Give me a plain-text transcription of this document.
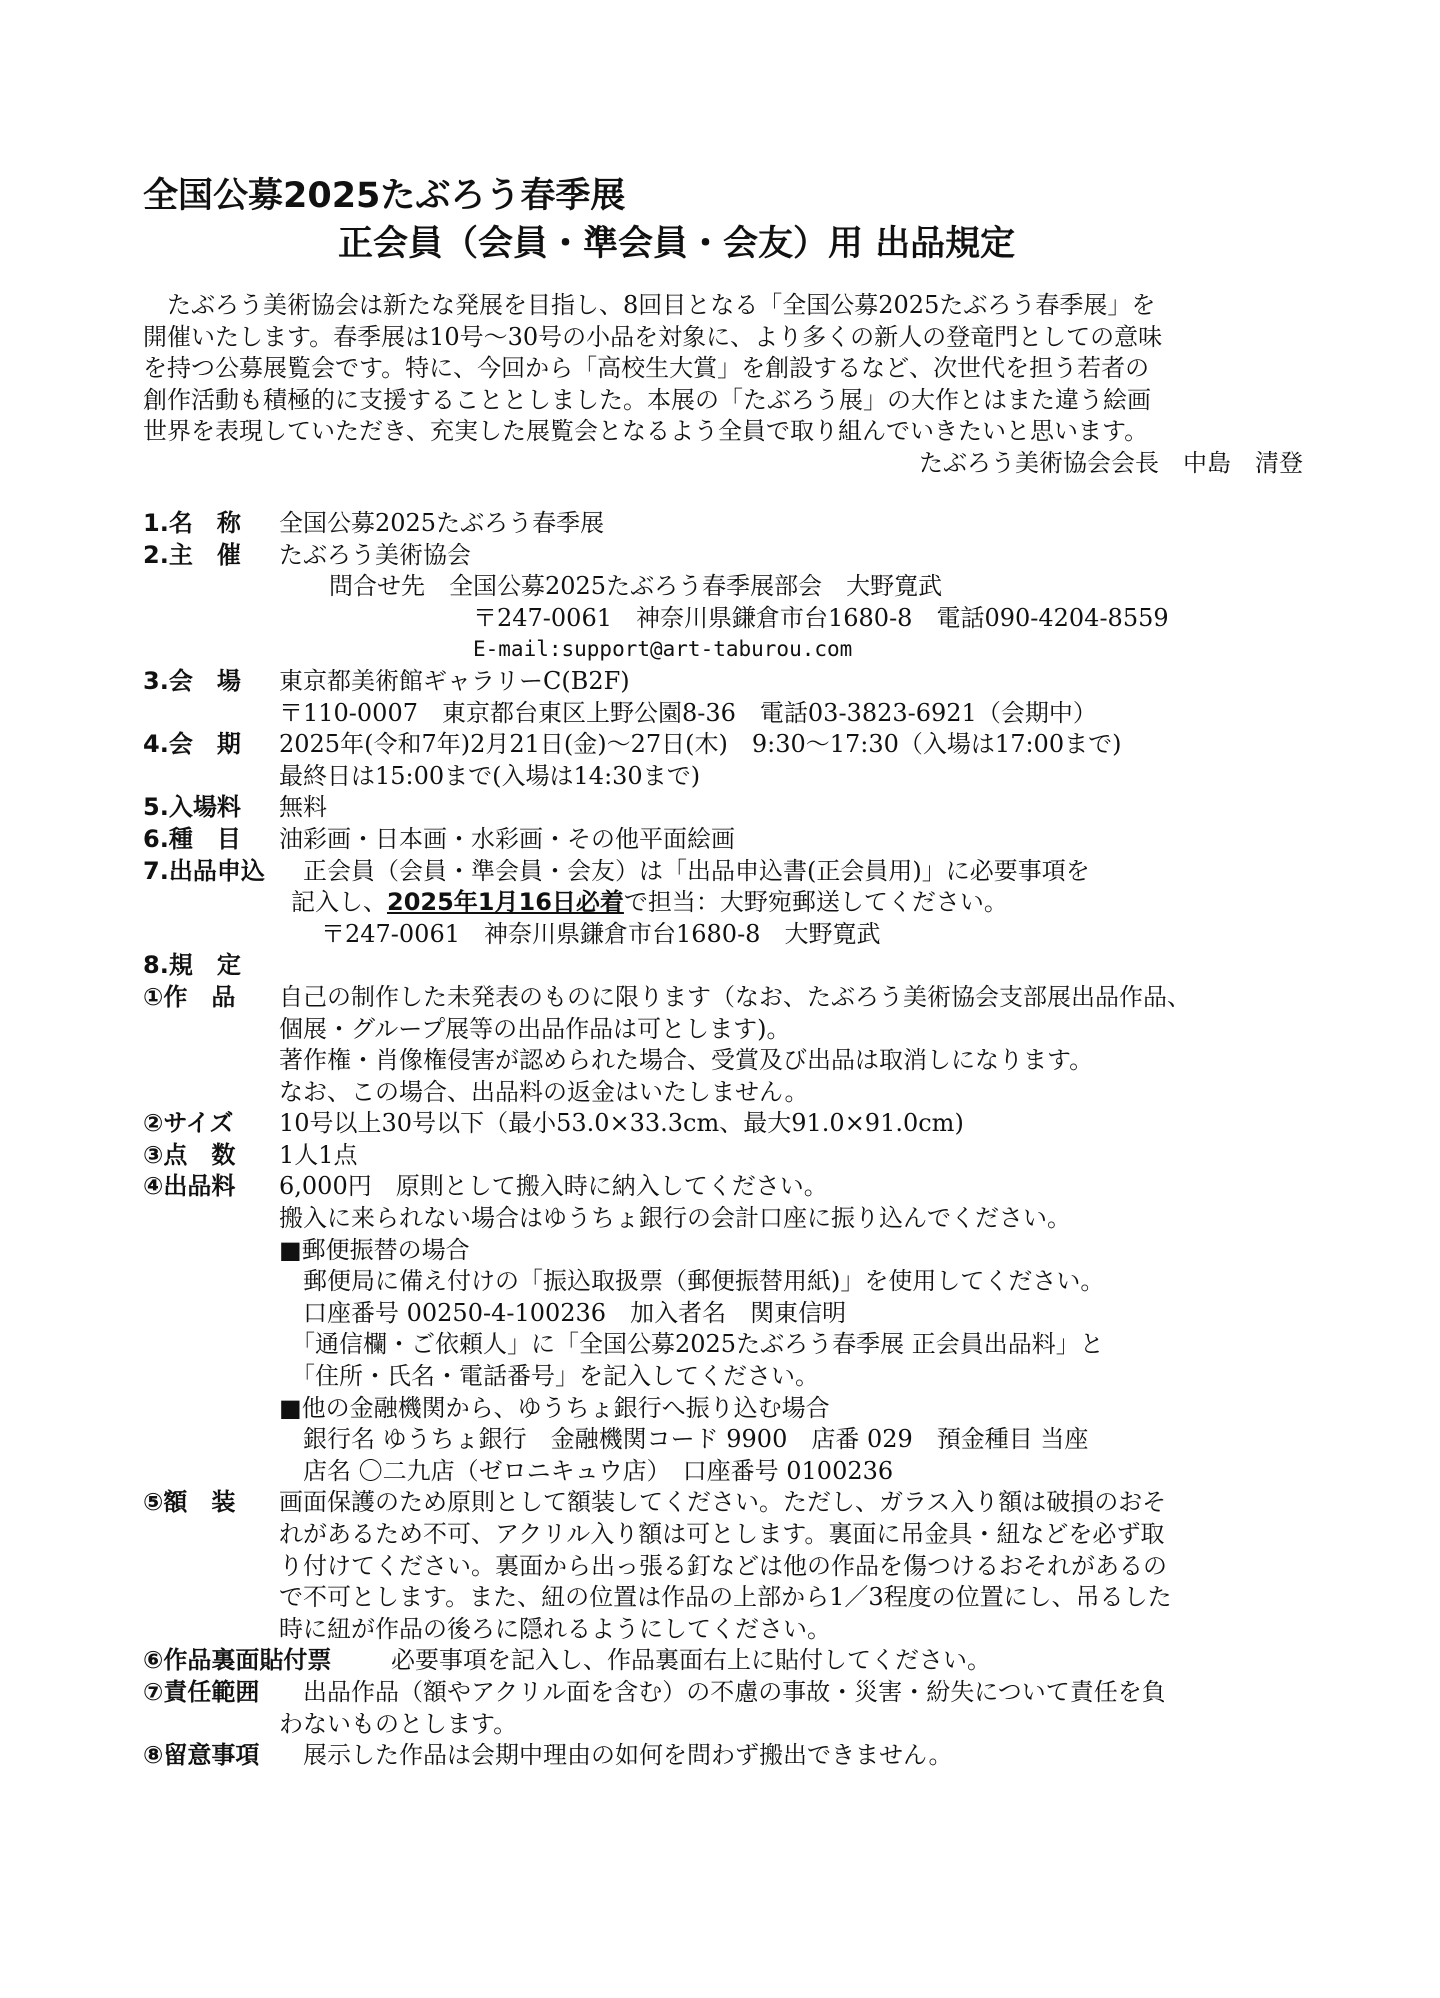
全国公募2025たぶろう春季展
正会員（会員・準会員・会友）用 出品規定

　たぶろう美術協会は新たな発展を目指し、8回目となる「全国公募2025たぶろう春季展」を

開催いたします。春季展は10号〜30号の小品を対象に、より多くの新人の登竜門としての意味

を持つ公募展覧会です。特に、今回から「高校生大賞」を創設するなど、次世代を担う若者の

創作活動も積極的に支援することとしました。本展の「たぶろう展」の大作とはまた違う絵画

世界を表現していただき、充実した展覧会となるよう全員で取り組んでいきたいと思います。

たぶろう美術協会会長　中島　清登

1.名　称 全国公募2025たぶろう春季展
2.主　催 たぶろう美術協会
問合せ先　全国公募2025たぶろう春季展部会　大野寛武
〒247-0061　神奈川県鎌倉市台1680-8　電話090-4204-8559
E-mail:support@art-taburou.com
3.会　場 東京都美術館ギャラリーC(B2F)
〒110-0007　東京都台東区上野公園8-36　電話03-3823-6921（会期中）
4.会　期 2025年(令和7年)2月21日(金)〜27日(木)　9:30〜17:30（入場は17:00まで)
最終日は15:00まで(入場は14:30まで)
5.入場料 無料
6.種　目 油彩画・日本画・水彩画・その他平面絵画
7.出品申込 正会員（会員・準会員・会友）は「出品申込書(正会員用)」に必要事項を
記入し、2025年1月16日必着で担当：大野宛郵送してください。
〒247-0061　神奈川県鎌倉市台1680-8　大野寛武
8.規　定
①作　品 自己の制作した未発表のものに限ります（なお、たぶろう美術協会支部展出品作品、
個展・グループ展等の出品作品は可とします)。
著作権・肖像権侵害が認められた場合、受賞及び出品は取消しになります。
なお、この場合、出品料の返金はいたしません。
②サイズ 10号以上30号以下（最小53.0×33.3cm、最大91.0×91.0cm)
③点　数 1人1点
④出品料 6,000円　原則として搬入時に納入してください。
搬入に来られない場合はゆうちょ銀行の会計口座に振り込んでください。
■郵便振替の場合
　郵便局に備え付けの「振込取扱票（郵便振替用紙)」を使用してください。
　口座番号 00250-4-100236　加入者名　関東信明
　「通信欄・ご依頼人」に「全国公募2025たぶろう春季展 正会員出品料」と
　「住所・氏名・電話番号」を記入してください。
■他の金融機関から、ゆうちょ銀行へ振り込む場合
　銀行名 ゆうちょ銀行　金融機関コード 9900　店番 029　預金種目 当座
　店名 〇二九店（ゼロニキュウ店）　口座番号 0100236
⑤額　装 画面保護のため原則として額装してください。ただし、ガラス入り額は破損のおそ
れがあるため不可、アクリル入り額は可とします。裏面に吊金具・紐などを必ず取
り付けてください。裏面から出っ張る釘などは他の作品を傷つけるおそれがあるの
で不可とします。また、紐の位置は作品の上部から1／3程度の位置にし、吊るした
時に紐が作品の後ろに隠れるようにしてください。
⑥作品裏面貼付票 必要事項を記入し、作品裏面右上に貼付してください。
⑦責任範囲 出品作品（額やアクリル面を含む）の不慮の事故・災害・紛失について責任を負
わないものとします。
⑧留意事項 展示した作品は会期中理由の如何を問わず搬出できません。
